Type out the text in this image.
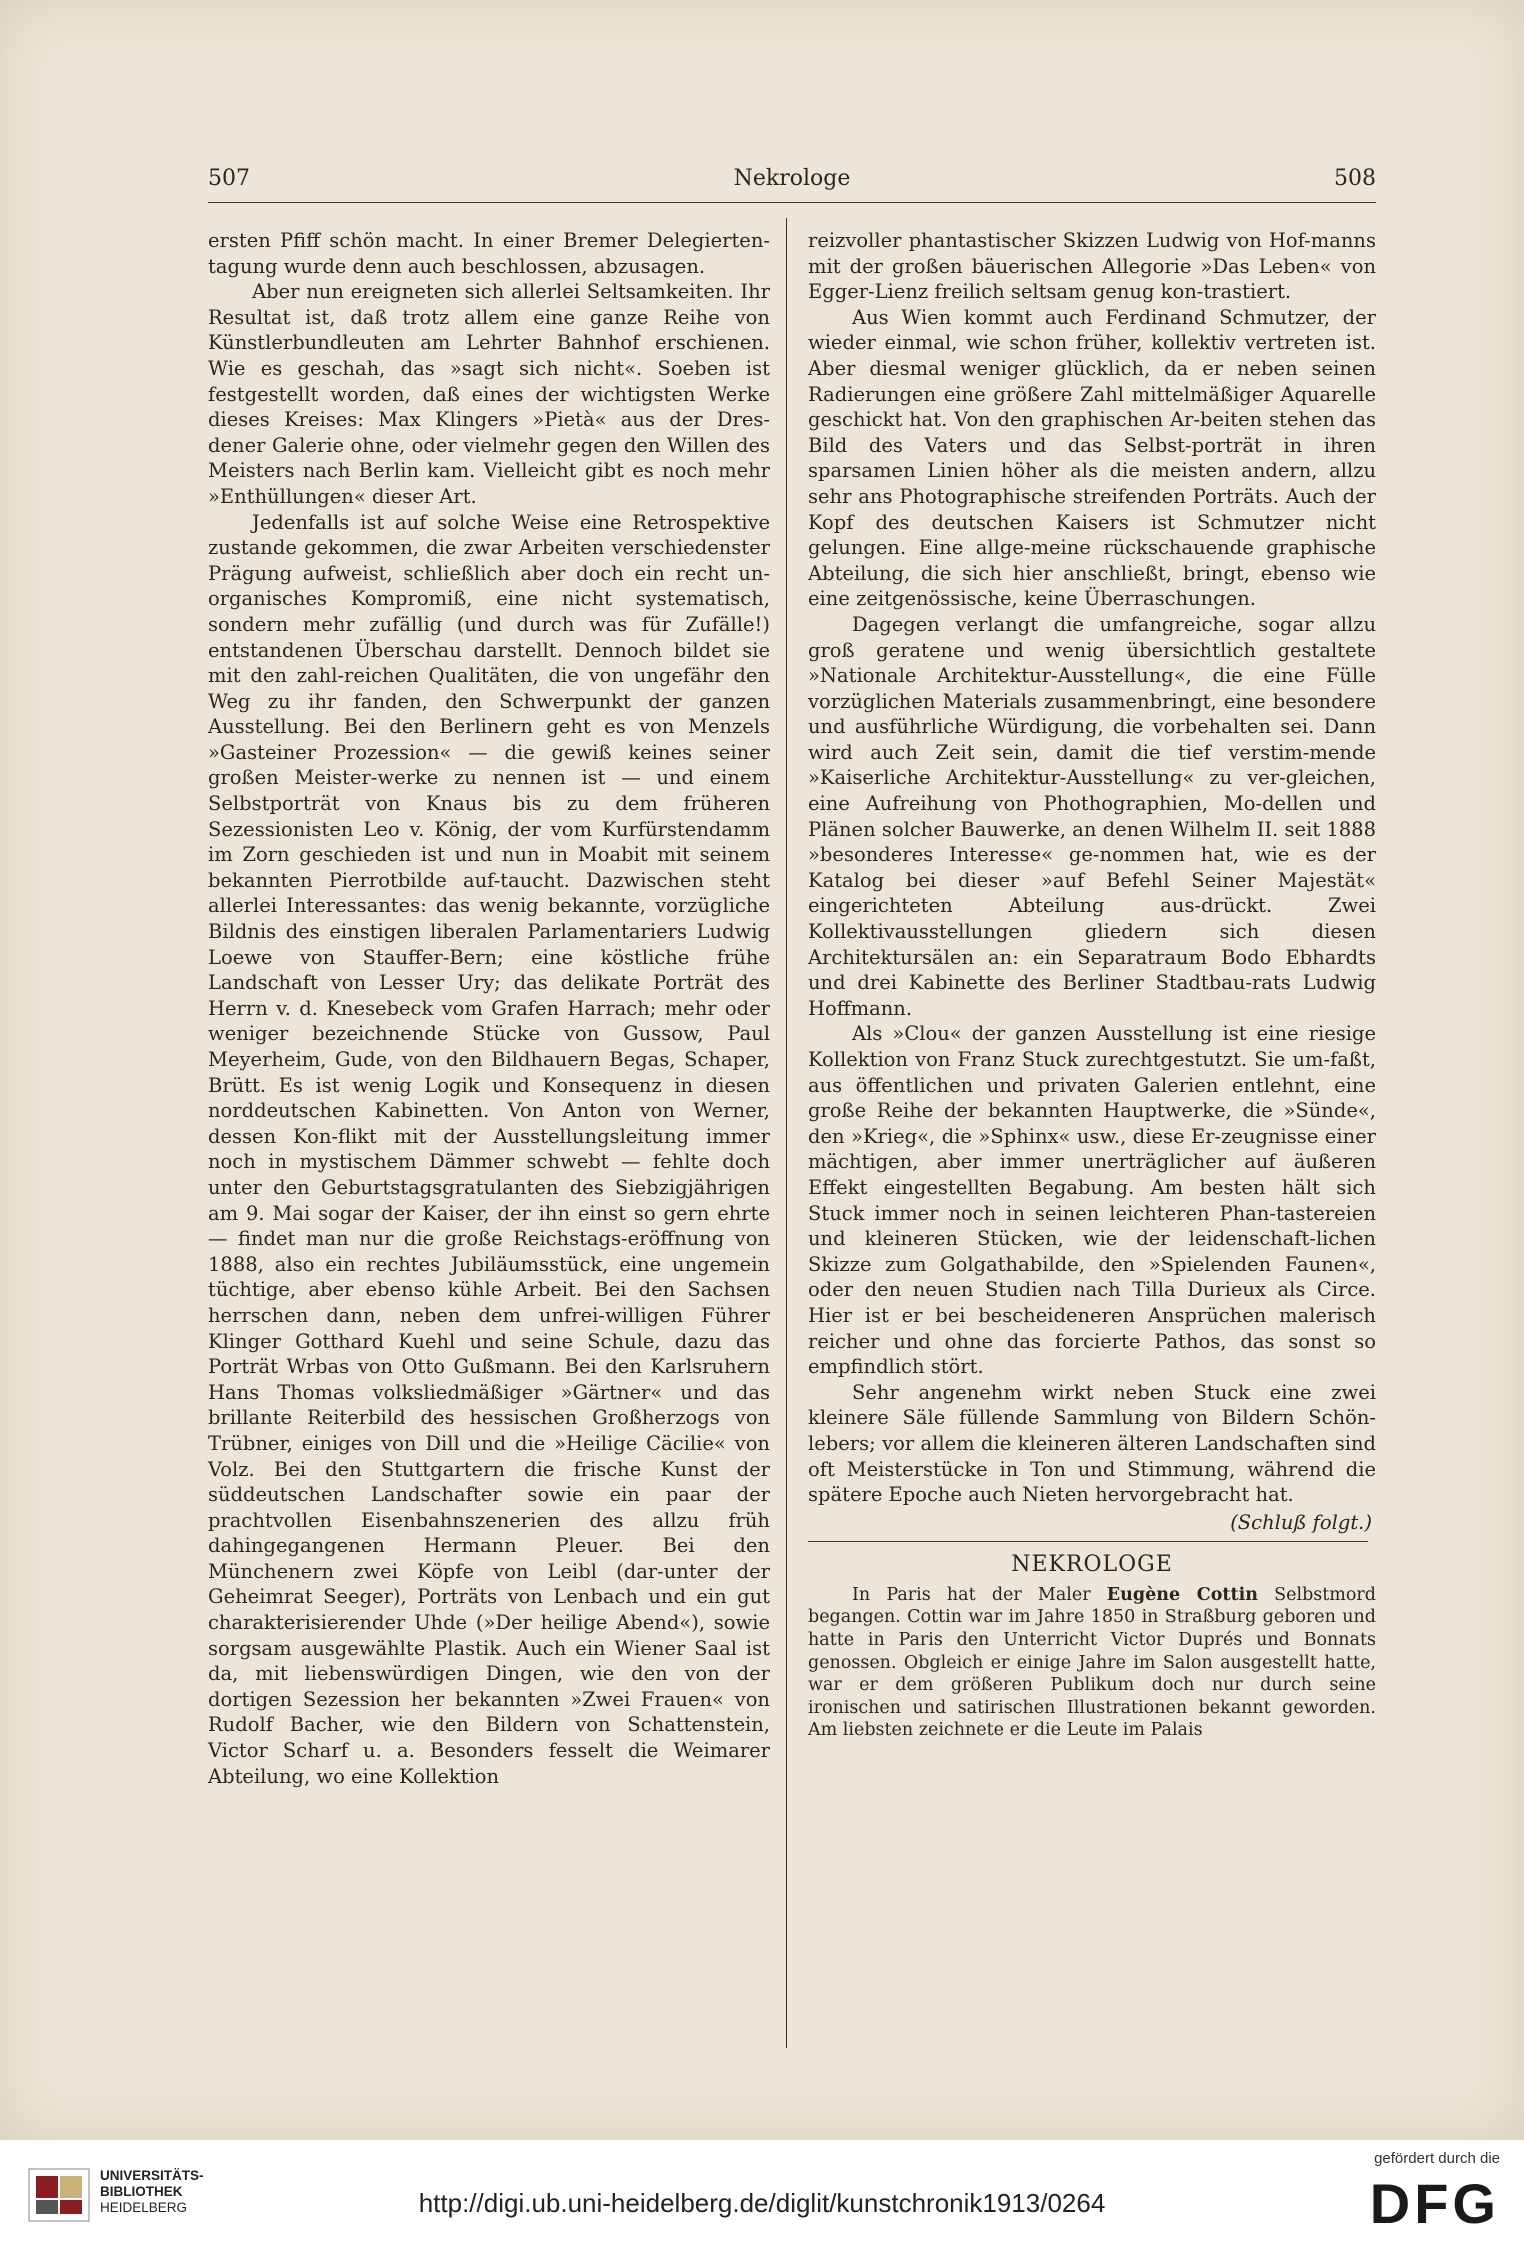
507	Nekrologe	508

ersten Pfiff schön macht. In einer Bremer Delegierten-tagung wurde denn auch beschlossen, abzusagen.

Aber nun ereigneten sich allerlei Seltsamkeiten. Ihr Resultat ist, daß trotz allem eine ganze Reihe von Künstlerbundleuten am Lehrter Bahnhof erschienen. Wie es geschah, das »sagt sich nicht«. Soeben ist festgestellt worden, daß eines der wichtigsten Werke dieses Kreises: Max Klingers »Pietà« aus der Dres-dener Galerie ohne, oder vielmehr gegen den Willen des Meisters nach Berlin kam. Vielleicht gibt es noch mehr »Enthüllungen« dieser Art.

Jedenfalls ist auf solche Weise eine Retrospektive zustande gekommen, die zwar Arbeiten verschiedenster Prägung aufweist, schließlich aber doch ein recht un-organisches Kompromiß, eine nicht systematisch, sondern mehr zufällig (und durch was für Zufälle!) entstandenen Überschau darstellt. Dennoch bildet sie mit den zahl-reichen Qualitäten, die von ungefähr den Weg zu ihr fanden, den Schwerpunkt der ganzen Ausstellung. Bei den Berlinern geht es von Menzels »Gasteiner Prozession« — die gewiß keines seiner großen Meister-werke zu nennen ist — und einem Selbstporträt von Knaus bis zu dem früheren Sezessionisten Leo v. König, der vom Kurfürstendamm im Zorn geschieden ist und nun in Moabit mit seinem bekannten Pierrotbilde auf-taucht. Dazwischen steht allerlei Interessantes: das wenig bekannte, vorzügliche Bildnis des einstigen liberalen Parlamentariers Ludwig Loewe von Stauffer-Bern; eine köstliche frühe Landschaft von Lesser Ury; das delikate Porträt des Herrn v. d. Knesebeck vom Grafen Harrach; mehr oder weniger bezeichnende Stücke von Gussow, Paul Meyerheim, Gude, von den Bildhauern Begas, Schaper, Brütt. Es ist wenig Logik und Konsequenz in diesen norddeutschen Kabinetten. Von Anton von Werner, dessen Kon-flikt mit der Ausstellungsleitung immer noch in mystischem Dämmer schwebt — fehlte doch unter den Geburtstagsgratulanten des Siebzigjährigen am 9. Mai sogar der Kaiser, der ihn einst so gern ehrte — findet man nur die große Reichstags-eröffnung von 1888, also ein rechtes Jubiläumsstück, eine ungemein tüchtige, aber ebenso kühle Arbeit. Bei den Sachsen herrschen dann, neben dem unfrei-willigen Führer Klinger Gotthard Kuehl und seine Schule, dazu das Porträt Wrbas von Otto Gußmann. Bei den Karlsruhern Hans Thomas volksliedmäßiger »Gärtner« und das brillante Reiterbild des hessischen Großherzogs von Trübner, einiges von Dill und die »Heilige Cäcilie« von Volz. Bei den Stuttgartern die frische Kunst der süddeutschen Landschafter sowie ein paar der prachtvollen Eisenbahnszenerien des allzu früh dahingegangenen Hermann Pleuer. Bei den Münchenern zwei Köpfe von Leibl (dar-unter der Geheimrat Seeger), Porträts von Lenbach und ein gut charakterisierender Uhde (»Der heilige Abend«), sowie sorgsam ausgewählte Plastik. Auch ein Wiener Saal ist da, mit liebenswürdigen Dingen, wie den von der dortigen Sezession her bekannten »Zwei Frauen« von Rudolf Bacher, wie den Bildern von Schattenstein, Victor Scharf u. a. Besonders fesselt die Weimarer Abteilung, wo eine Kollektion

reizvoller phantastischer Skizzen Ludwig von Hof-manns mit der großen bäuerischen Allegorie »Das Leben« von Egger-Lienz freilich seltsam genug kon-trastiert.

Aus Wien kommt auch Ferdinand Schmutzer, der wieder einmal, wie schon früher, kollektiv vertreten ist. Aber diesmal weniger glücklich, da er neben seinen Radierungen eine größere Zahl mittelmäßiger Aquarelle geschickt hat. Von den graphischen Ar-beiten stehen das Bild des Vaters und das Selbst-porträt in ihren sparsamen Linien höher als die meisten andern, allzu sehr ans Photographische streifenden Porträts. Auch der Kopf des deutschen Kaisers ist Schmutzer nicht gelungen. Eine allge-meine rückschauende graphische Abteilung, die sich hier anschließt, bringt, ebenso wie eine zeitgenössische, keine Überraschungen.

Dagegen verlangt die umfangreiche, sogar allzu groß geratene und wenig übersichtlich gestaltete »Nationale Architektur-Ausstellung«, die eine Fülle vorzüglichen Materials zusammenbringt, eine besondere und ausführliche Würdigung, die vorbehalten sei. Dann wird auch Zeit sein, damit die tief verstim-mende »Kaiserliche Architektur-Ausstellung« zu ver-gleichen, eine Aufreihung von Phothographien, Mo-dellen und Plänen solcher Bauwerke, an denen Wilhelm II. seit 1888 »besonderes Interesse« ge-nommen hat, wie es der Katalog bei dieser »auf Befehl Seiner Majestät« eingerichteten Abteilung aus-drückt. Zwei Kollektivausstellungen gliedern sich diesen Architektursälen an: ein Separatraum Bodo Ebhardts und drei Kabinette des Berliner Stadtbau-rats Ludwig Hoffmann.

Als »Clou« der ganzen Ausstellung ist eine riesige Kollektion von Franz Stuck zurechtgestutzt. Sie um-faßt, aus öffentlichen und privaten Galerien entlehnt, eine große Reihe der bekannten Hauptwerke, die »Sünde«, den »Krieg«, die »Sphinx« usw., diese Er-zeugnisse einer mächtigen, aber immer unerträglicher auf äußeren Effekt eingestellten Begabung. Am besten hält sich Stuck immer noch in seinen leichteren Phan-tastereien und kleineren Stücken, wie der leidenschaft-lichen Skizze zum Golgathabilde, den »Spielenden Faunen«, oder den neuen Studien nach Tilla Durieux als Circe. Hier ist er bei bescheideneren Ansprüchen malerisch reicher und ohne das forcierte Pathos, das sonst so empfindlich stört.

Sehr angenehm wirkt neben Stuck eine zwei kleinere Säle füllende Sammlung von Bildern Schön-lebers; vor allem die kleineren älteren Landschaften sind oft Meisterstücke in Ton und Stimmung, während die spätere Epoche auch Nieten hervorgebracht hat.

(Schluß folgt.)

NEKROLOGE

In Paris hat der Maler Eugène Cottin Selbstmord begangen. Cottin war im Jahre 1850 in Straßburg geboren und hatte in Paris den Unterricht Victor Duprés und Bonnats genossen. Obgleich er einige Jahre im Salon ausgestellt hatte, war er dem größeren Publikum doch nur durch seine ironischen und satirischen Illustrationen bekannt geworden. Am liebsten zeichnete er die Leute im Palais

UNIVERSITÄTS-
BIBLIOTHEK
HEIDELBERG	http://digi.ub.uni-heidelberg.de/diglit/kunstchronik1913/0264
gefördert durch die
DFG
